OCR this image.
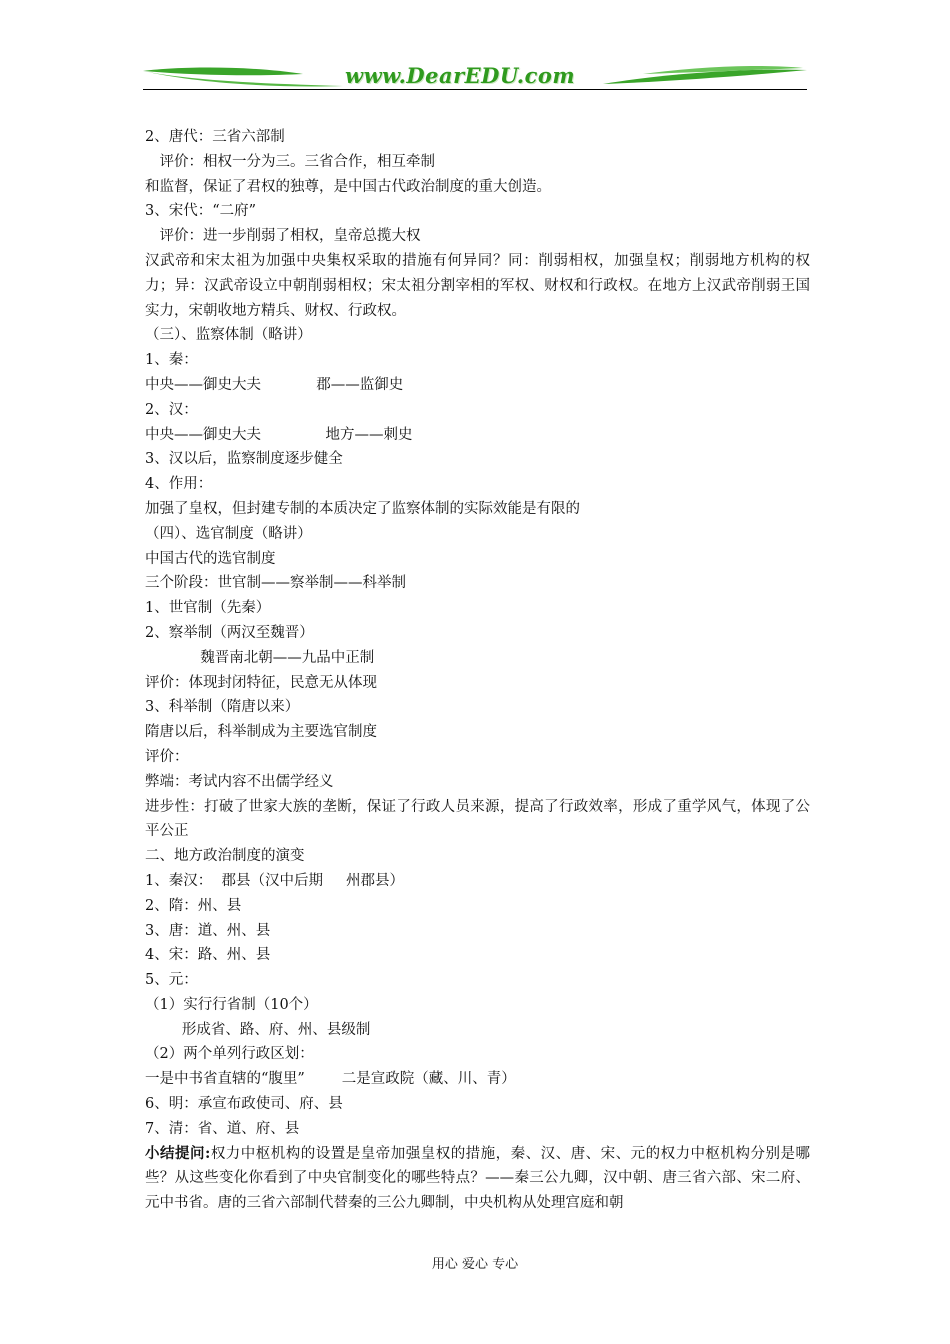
www.DearEDU.com
2、唐代：三省六部制
　评价：相权一分为三。三省合作，相互牵制
和监督，保证了君权的独尊，是中国古代政治制度的重大创造。
3、宋代：“二府”
　评价：进一步削弱了相权，皇帝总揽大权
汉武帝和宋太祖为加强中央集权采取的措施有何异同？同：削弱相权，加强皇权；削弱地方机构的权力；异：汉武帝设立中朝削弱相权；宋太祖分割宰相的军权、财权和行政权。在地方上汉武帝削弱王国实力，宋朝收地方精兵、财权、行政权。
（三）、监察体制（略讲）
1、秦：
中央——御史大夫            郡——监御史
2、汉：
中央——御史大夫              地方——刺史
3、汉以后，监察制度逐步健全
4、作用：
加强了皇权，但封建专制的本质决定了监察体制的实际效能是有限的
（四）、选官制度（略讲）
中国古代的选官制度
三个阶段：世官制——察举制——科举制
1、世官制（先秦）
2、察举制（两汉至魏晋）
魏晋南北朝——九品中正制
评价：体现封闭特征，民意无从体现
3、科举制（隋唐以来）
隋唐以后，科举制成为主要选官制度
评价：
弊端：考试内容不出儒学经义
进步性：打破了世家大族的垄断，保证了行政人员来源，提高了行政效率，形成了重学风气，体现了公平公正
二、地方政治制度的演变
1、秦汉：  郡县（汉中后期     州郡县）
2、隋：州、县
3、唐：道、州、县
4、宋：路、州、县
5、元：
（1）实行行省制（10个）
形成省、路、府、州、县级制
（2）两个单列行政区划：
一是中书省直辖的“腹里”        二是宣政院（藏、川、青）
6、明：承宣布政使司、府、县
7、清：省、道、府、县
小结提问:权力中枢机构的设置是皇帝加强皇权的措施，秦、汉、唐、宋、元的权力中枢机构分别是哪些？从这些变化你看到了中央官制变化的哪些特点？——秦三公九卿，汉中朝、唐三省六部、宋二府、元中书省。唐的三省六部制代替秦的三公九卿制，中央机构从处理宫庭和朝
用心 爱心 专心
